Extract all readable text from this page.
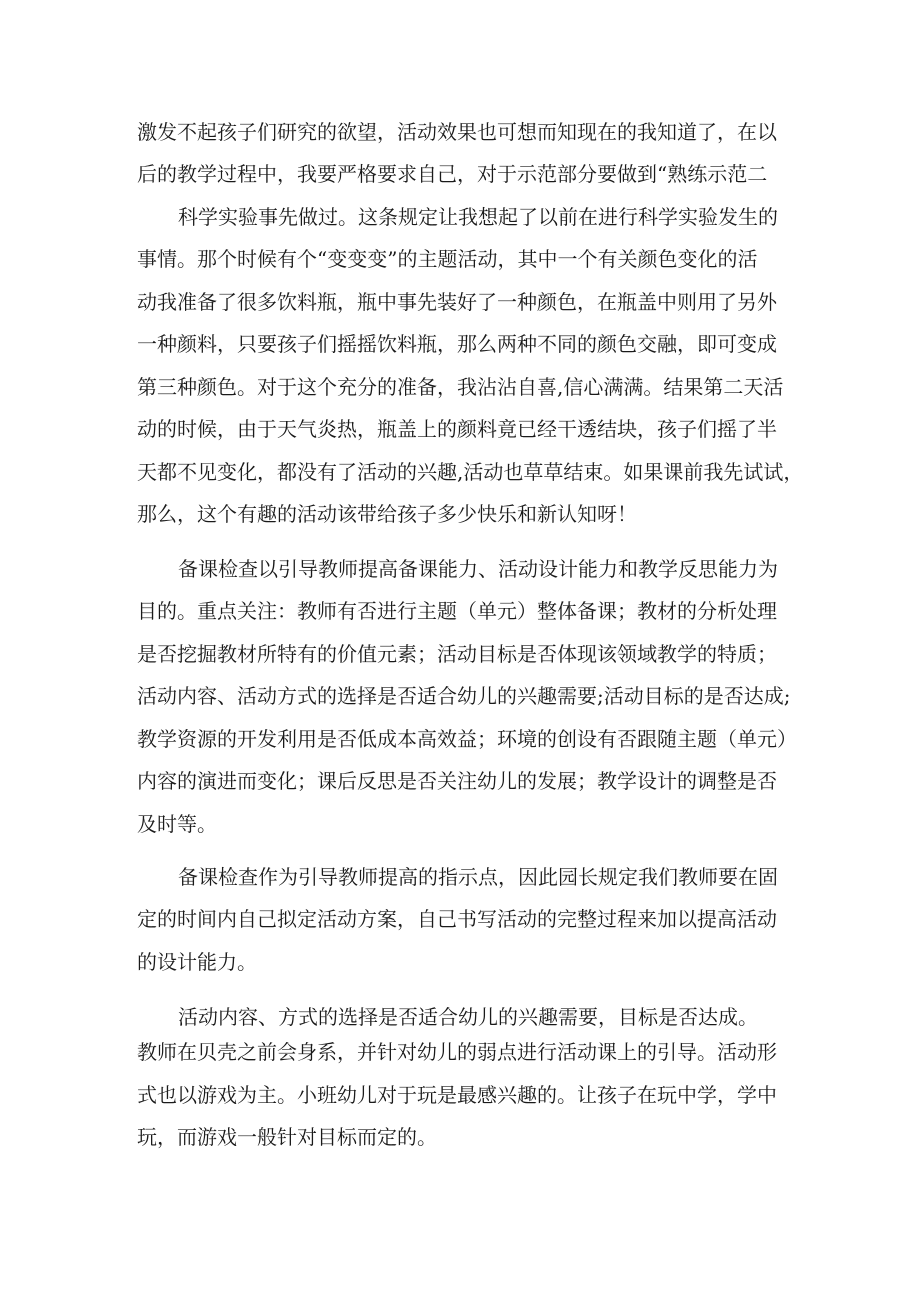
激发不起孩子们研究的欲望，活动效果也可想而知现在的我知道了，在以
后的教学过程中，我要严格要求自己，对于示范部分要做到“熟练示范二
科学实验事先做过。这条规定让我想起了以前在进行科学实验发生的
事情。那个时候有个“变变变”的主题活动，其中一个有关颜色变化的活
动我准备了很多饮料瓶，瓶中事先装好了一种颜色，在瓶盖中则用了另外
一种颜料，只要孩子们摇摇饮料瓶，那么两种不同的颜色交融，即可变成
第三种颜色。对于这个充分的准备，我沾沾自喜,信心满满。结果第二天活
动的时候，由于天气炎热，瓶盖上的颜料竟已经干透结块，孩子们摇了半
天都不见变化，都没有了活动的兴趣,活动也草草结束。如果课前我先试试，
那么，这个有趣的活动该带给孩子多少快乐和新认知呀！
备课检查以引导教师提高备课能力、活动设计能力和教学反思能力为
目的。重点关注：教师有否进行主题（单元）整体备课；教材的分析处理
是否挖掘教材所特有的价值元素；活动目标是否体现该领域教学的特质；
活动内容、活动方式的选择是否适合幼儿的兴趣需要;活动目标的是否达成;
教学资源的开发利用是否低成本高效益；环境的创设有否跟随主题（单元）
内容的演进而变化；课后反思是否关注幼儿的发展；教学设计的调整是否
及时等。
备课检查作为引导教师提高的指示点，因此园长规定我们教师要在固
定的时间内自己拟定活动方案，自己书写活动的完整过程来加以提高活动
的设计能力。
活动内容、方式的选择是否适合幼儿的兴趣需要，目标是否达成。
教师在贝壳之前会身系，并针对幼儿的弱点进行活动课上的引导。活动形
式也以游戏为主。小班幼儿对于玩是最感兴趣的。让孩子在玩中学，学中
玩，而游戏一般针对目标而定的。
